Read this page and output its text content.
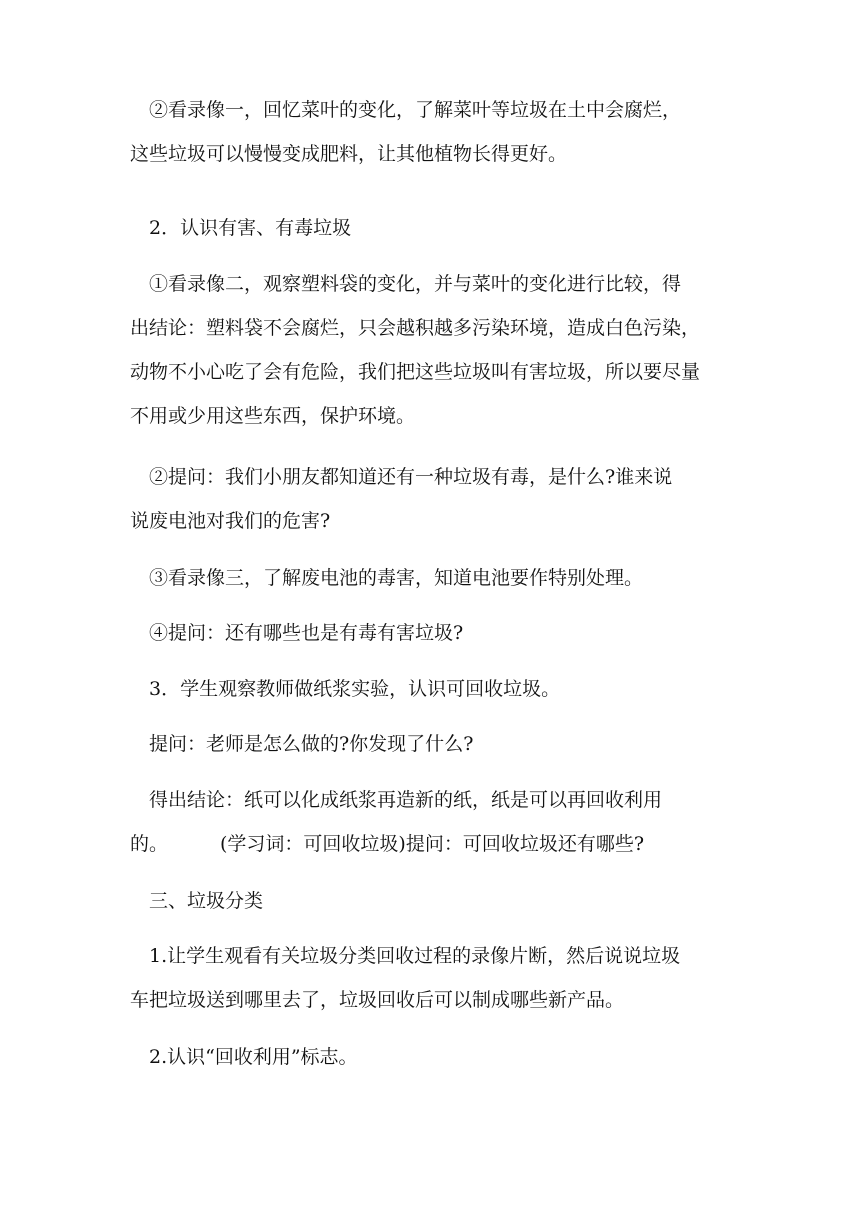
　②看录像一，回忆菜叶的变化，了解菜叶等垃圾在土中会腐烂，
这些垃圾可以慢慢变成肥料，让其他植物长得更好。

　2．认识有害、有毒垃圾

　①看录像二，观察塑料袋的变化，并与菜叶的变化进行比较，得
出结论：塑料袋不会腐烂，只会越积越多污染环境，造成白色污染，
动物不小心吃了会有危险，我们把这些垃圾叫有害垃圾，所以要尽量
不用或少用这些东西，保护环境。

　②提问：我们小朋友都知道还有一种垃圾有毒，是什么?谁来说
说废电池对我们的危害?

　③看录像三，了解废电池的毒害，知道电池要作特别处理。

　④提问：还有哪些也是有毒有害垃圾?

　3．学生观察教师做纸浆实验，认识可回收垃圾。

　提问：老师是怎么做的?你发现了什么?

　得出结论：纸可以化成纸浆再造新的纸，纸是可以再回收利用
的。	(学习词：可回收垃圾)提问：可回收垃圾还有哪些?

　三、垃圾分类

　1.让学生观看有关垃圾分类回收过程的录像片断，然后说说垃圾
车把垃圾送到哪里去了，垃圾回收后可以制成哪些新产品。

　2.认识“回收利用”标志。
